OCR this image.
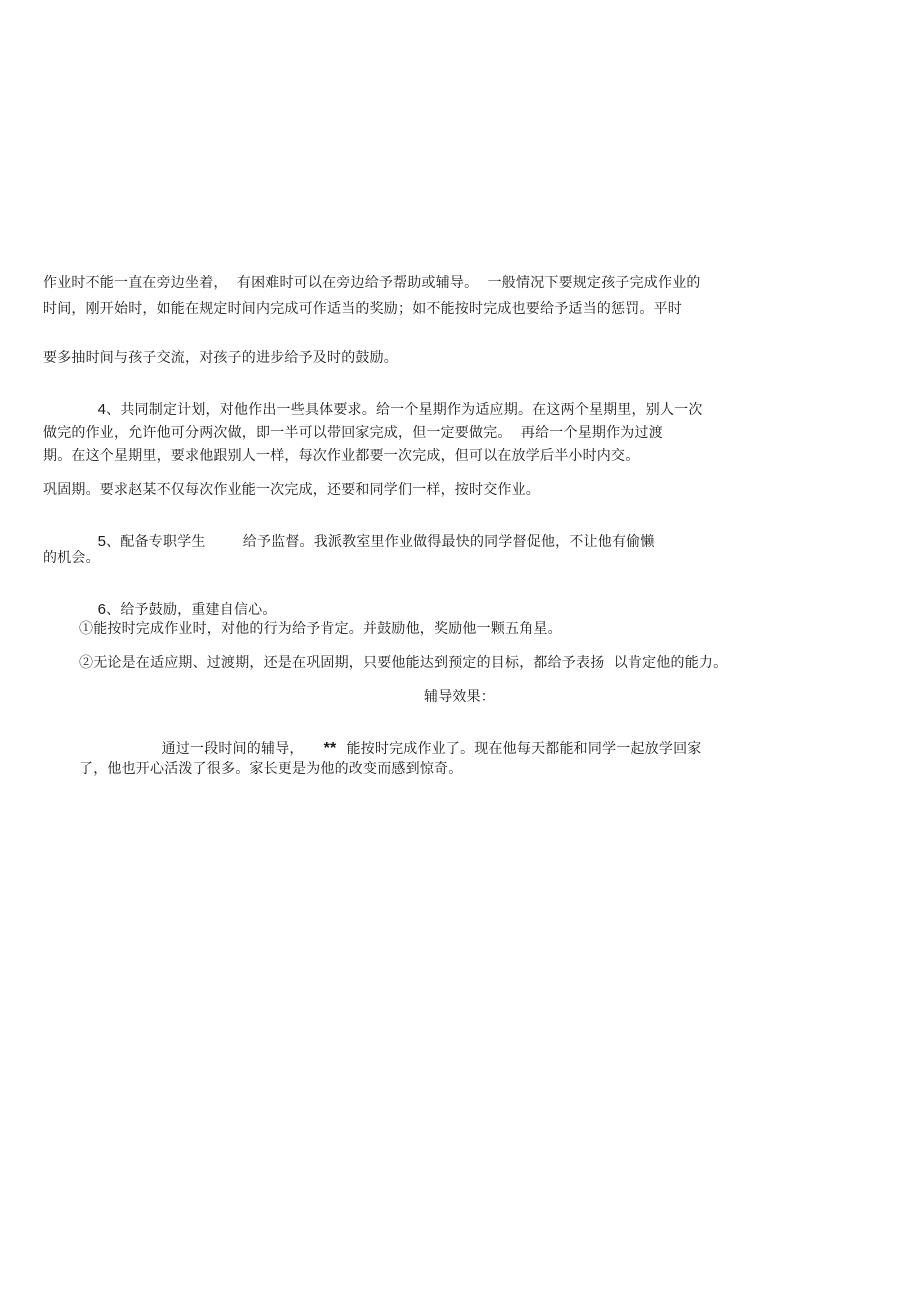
作业时不能一直在旁边坐着，  有困难时可以在旁边给予帮助或辅导。  一般情况下要规定孩子完成作业的
时间，刚开始时，如能在规定时间内完成可作适当的奖励；如不能按时完成也要给予适当的惩罚。平时
要多抽时间与孩子交流，对孩子的进步给予及时的鼓励。

4、共同制定计划，对他作出一些具体要求。给一个星期作为适应期。在这两个星期里，别人一次

做完的作业，允许他可分两次做，即一半可以带回家完成，但一定要做完。  再给一个星期作为过渡
期。在这个星期里，要求他跟别人一样，每次作业都要一次完成，但可以在放学后半小时内交。
巩固期。要求赵某不仅每次作业能一次完成，还要和同学们一样，按时交作业。

5、配备专职学生        给予监督。我派教室里作业做得最快的同学督促他，不让他有偷懒

的机会。

6、给予鼓励，重建自信心。

①能按时完成作业时，对他的行为给予肯定。并鼓励他，奖励他一颗五角星。
②无论是在适应期、过渡期，还是在巩固期，只要他能达到预定的目标，都给予表扬  以肯定他的能力。
辅导效果：

通过一段时间的辅导， ** 能按时完成作业了。现在他每天都能和同学一起放学回家

了，他也开心活泼了很多。家长更是为他的改变而感到惊奇。
